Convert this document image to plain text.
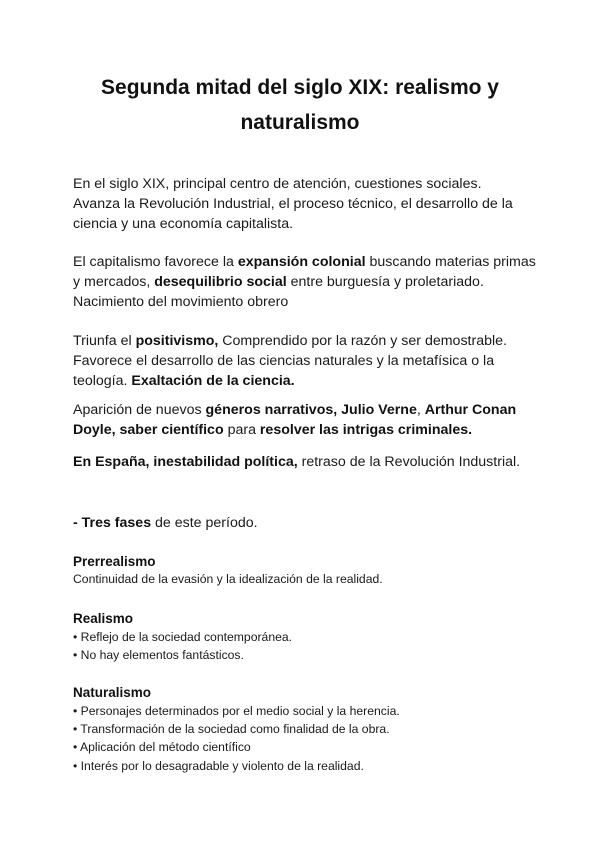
Segunda mitad del siglo XIX: realismo y
naturalismo
En el siglo XIX, principal centro de atención, cuestiones sociales.
Avanza la Revolución Industrial, el proceso técnico, el desarrollo de la
ciencia y una economía capitalista.
El capitalismo favorece la expansión colonial buscando materias primas
y mercados, desequilibrio social entre burguesía y proletariado.
Nacimiento del movimiento obrero
Triunfa el positivismo, Comprendido por la razón y ser demostrable.
Favorece el desarrollo de las ciencias naturales y la metafísica o la
teología. Exaltación de la ciencia.
Aparición de nuevos géneros narrativos, Julio Verne, Arthur Conan
Doyle, saber científico para resolver las intrigas criminales.
En España, inestabilidad política, retraso de la Revolución Industrial.
- Tres fases de este período.
Prerrealismo
Continuidad de la evasión y la idealización de la realidad.
Realismo
• Reflejo de la sociedad contemporánea.
• No hay elementos fantásticos.
Naturalismo
• Personajes determinados por el medio social y la herencia.
• Transformación de la sociedad como finalidad de la obra.
• Aplicación del método científico
• Interés por lo desagradable y violento de la realidad.
